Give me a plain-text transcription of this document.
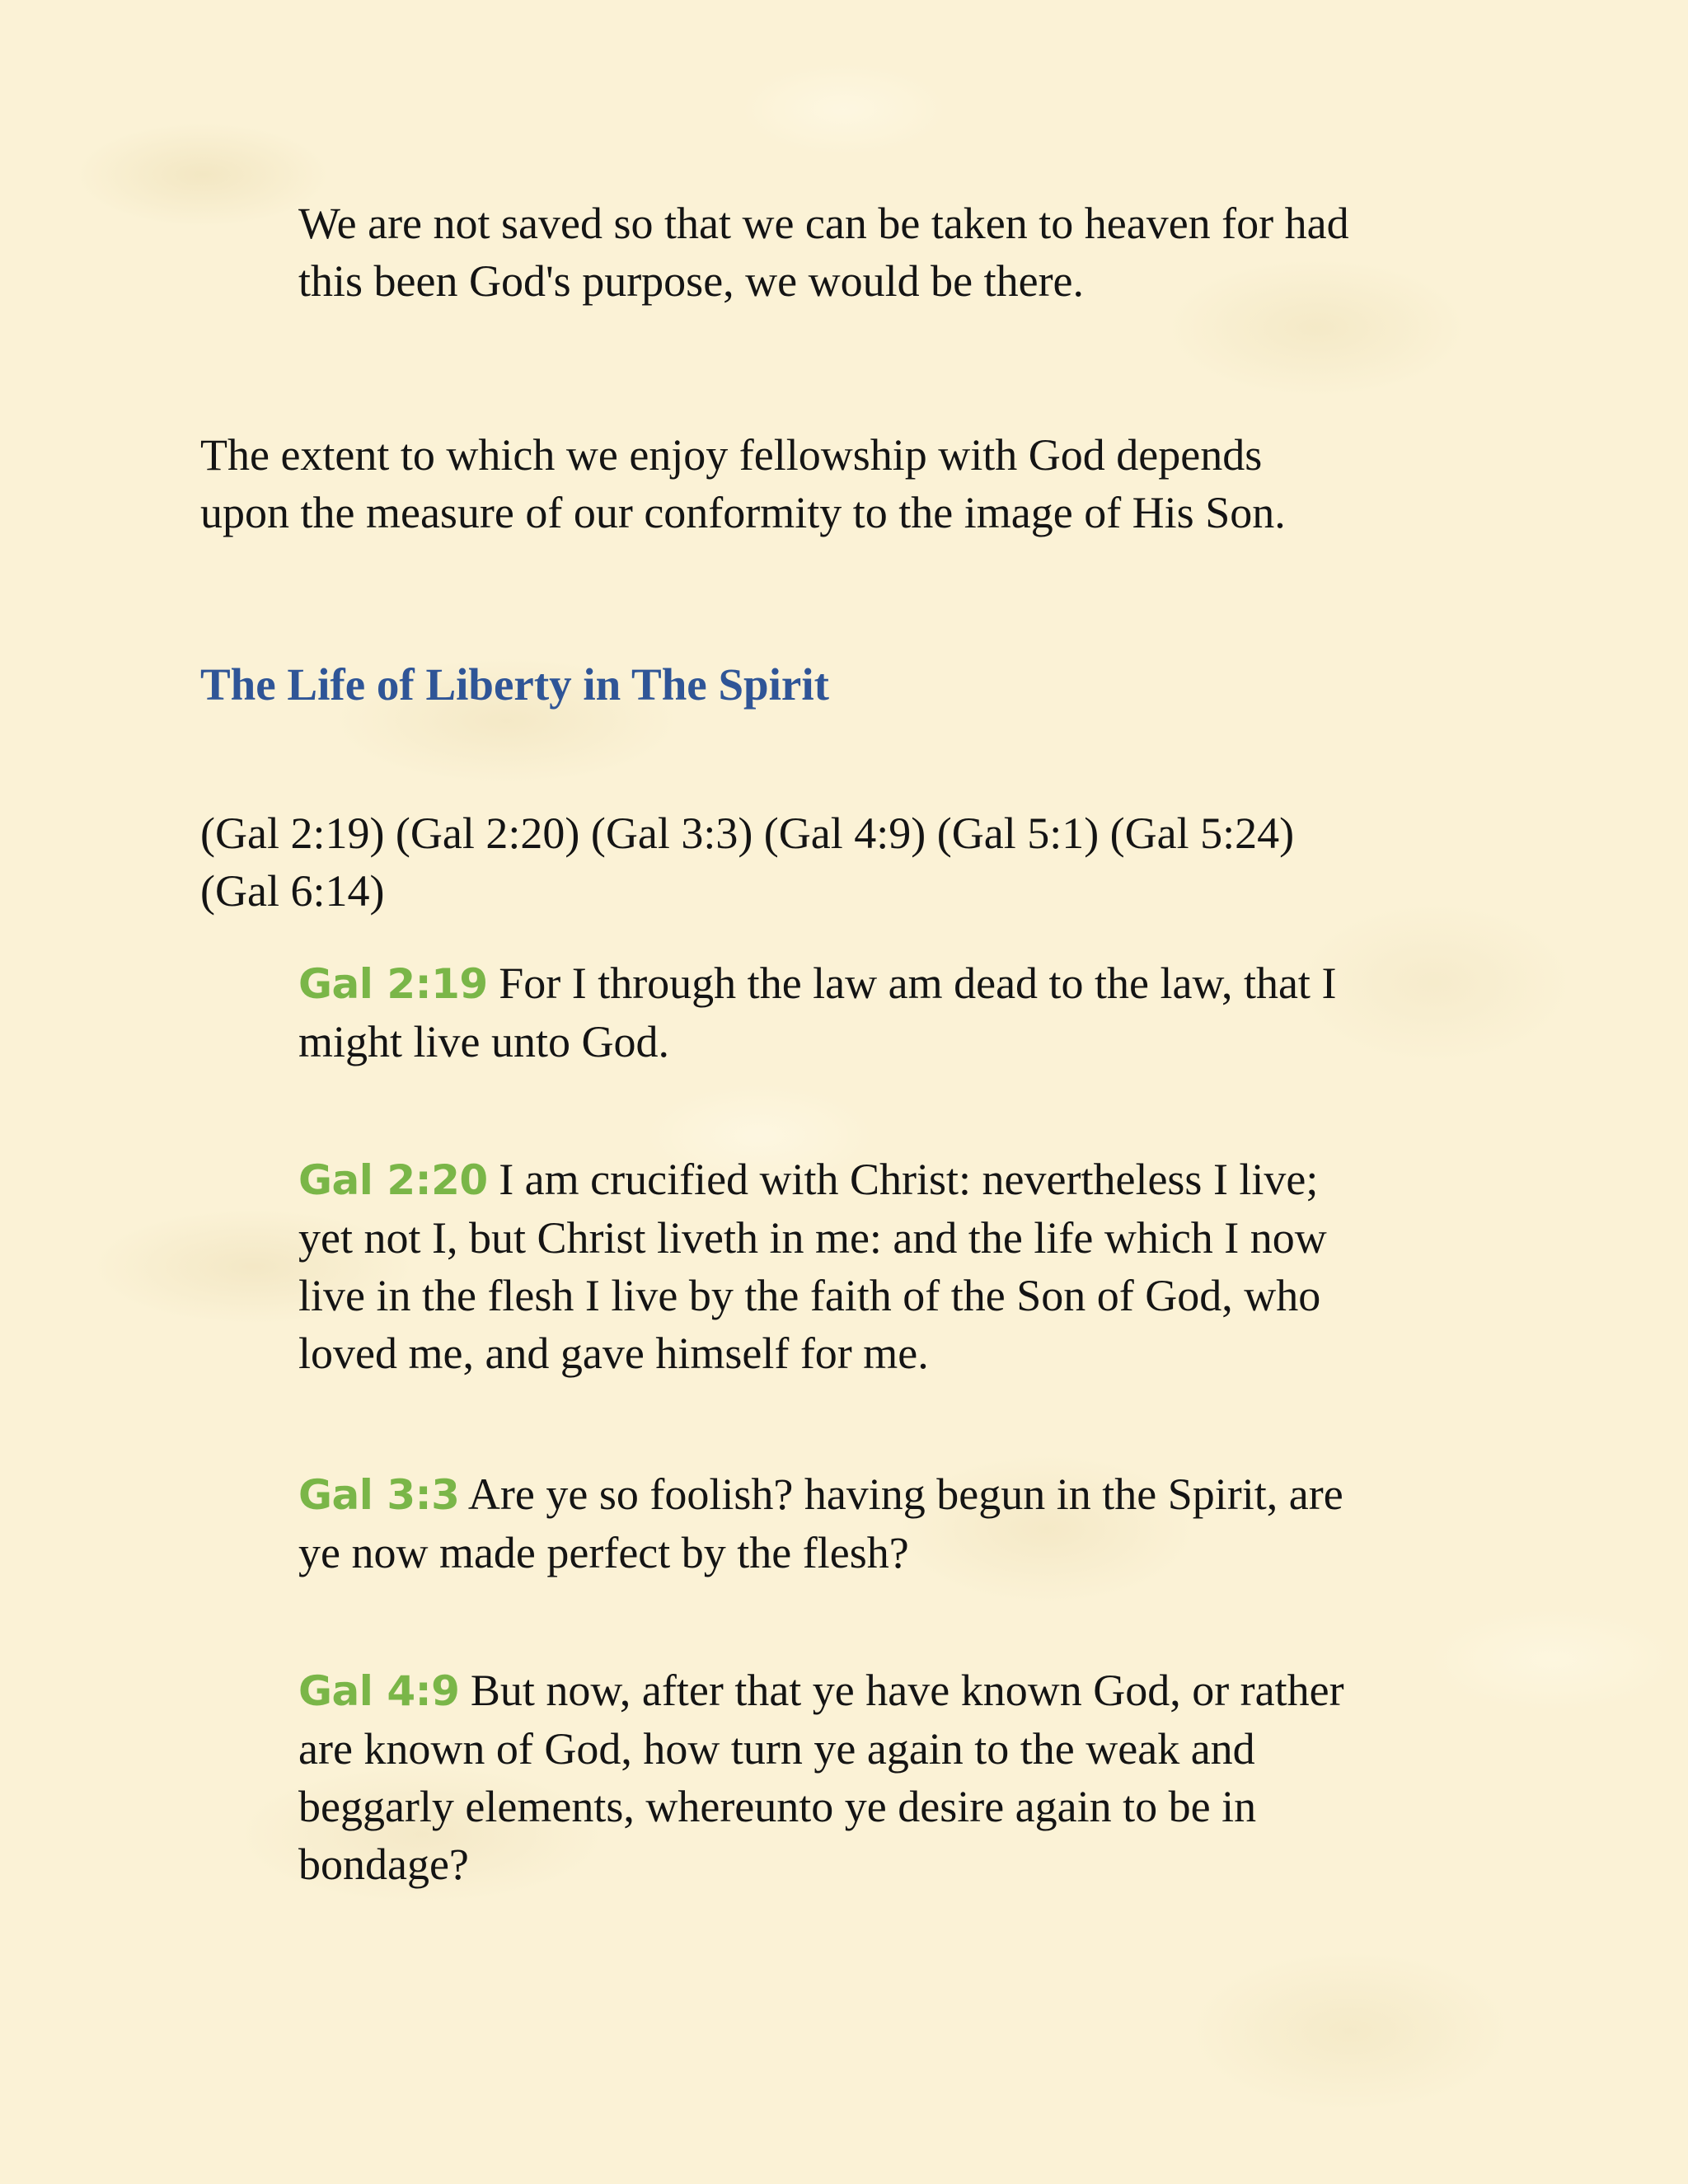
We are not saved so that we can be taken to heaven for had
this been God's purpose, we would be there.
The extent to which we enjoy fellowship with God depends
upon the measure of our conformity to the image of His Son.
The Life of Liberty in The Spirit
(Gal 2:19) (Gal 2:20) (Gal 3:3) (Gal 4:9) (Gal 5:1) (Gal 5:24)
(Gal 6:14)
Gal 2:19 For I through the law am dead to the law, that I
might live unto God.
Gal 2:20 I am crucified with Christ: nevertheless I live;
yet not I, but Christ liveth in me: and the life which I now
live in the flesh I live by the faith of the Son of God, who
loved me, and gave himself for me.
Gal 3:3 Are ye so foolish? having begun in the Spirit, are
ye now made perfect by the flesh?
Gal 4:9 But now, after that ye have known God, or rather
are known of God, how turn ye again to the weak and
beggarly elements, whereunto ye desire again to be in
bondage?
